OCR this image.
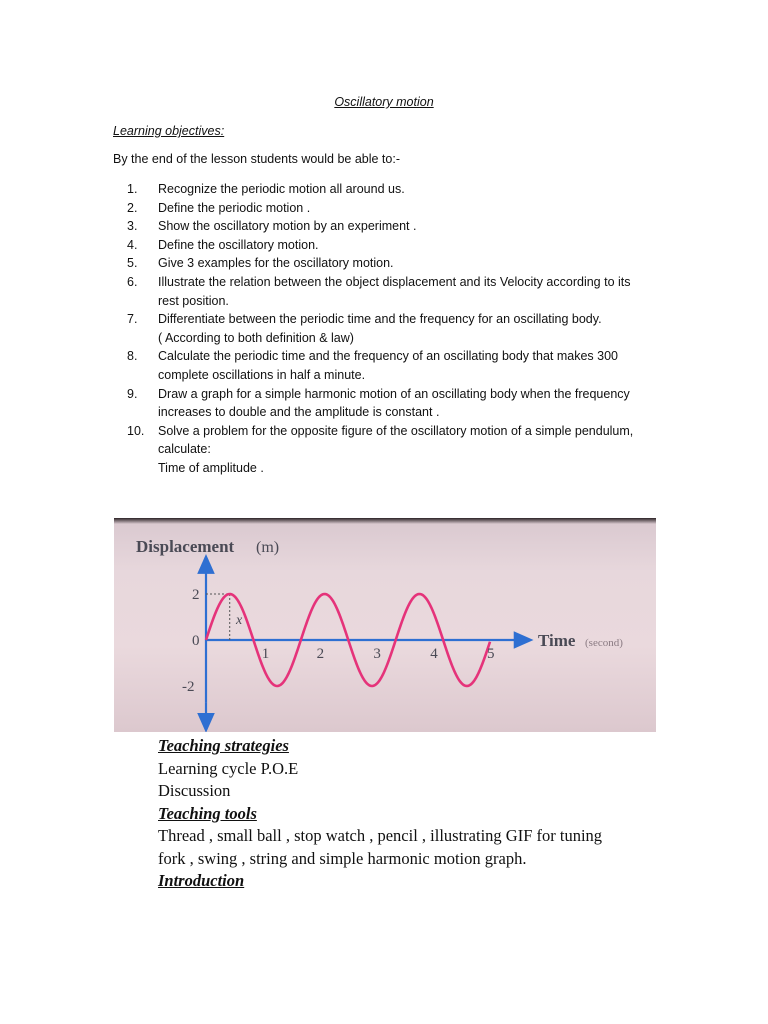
Oscillatory motion
Learning objectives:
By the end of the lesson students would be able to:-
1.	Recognize the periodic motion all around us.
2.	Define the periodic motion .
3.	Show the oscillatory motion by an experiment .
4.	Define the oscillatory motion.
5.	Give 3 examples for the oscillatory motion.
6.	Illustrate the relation between the object displacement and its Velocity according to its
rest position.
7.	Differentiate between the periodic time and the frequency for an oscillating body.
( According to both definition & law)
8.	Calculate the periodic time and the frequency of an oscillating body that makes 300
complete oscillations in half a minute.
9.	Draw a graph for a simple harmonic motion of an oscillating body when the frequency
increases to double and the amplitude is constant .
10.	Solve a problem for the opposite figure of the oscillatory motion of a simple pendulum,
calculate:
Time of amplitude .
Displacement (m)
Time (second)
x
1	2	3	4	5
2
0
-2
Teaching strategies
Learning cycle P.O.E
Discussion
Teaching tools
Thread , small ball , stop watch , pencil , illustrating GIF for tuning
fork , swing , string and simple harmonic motion graph.
Introduction
